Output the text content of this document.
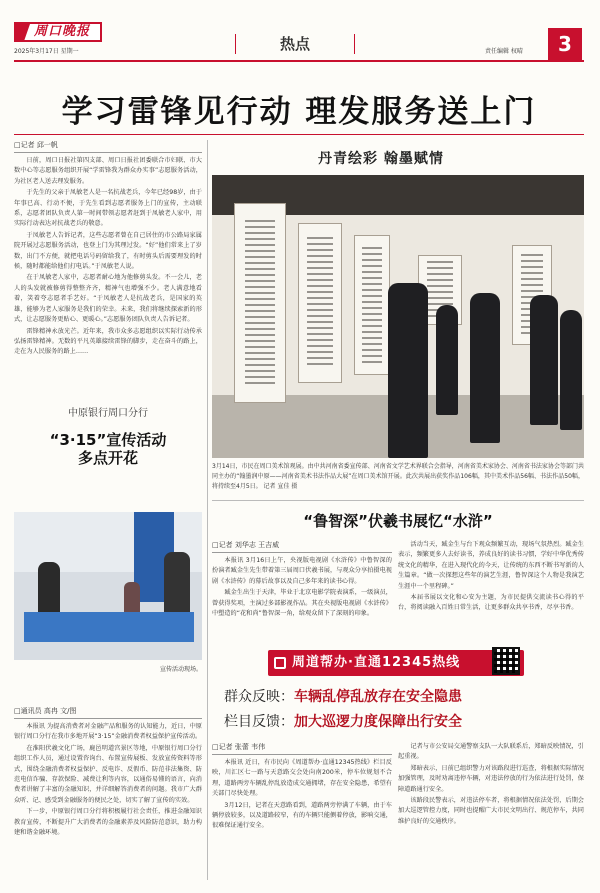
周口晚报
2025年3月17日 星期一	热点	责任编辑 权晴	3
学习雷锋见行动 理发服务送上门
□记者 邱一帆

日前，周口日报社第四支部、周口日报社团委联合市妇联、市大数中心等志愿服务组织开展“学雷锋我为群众办实事”志愿服务活动，为社区老人送去理发服务。

于先生的父亲于凤敏老人是一名抗战老兵，今年已经98岁，由于年事已高、行动不便，于先生看到志愿者服务上门的宣传，主动联系，志愿者团队负责人第一时间带领志愿者赶到于凤敏老人家中，用实际行动表达对抗战老兵的敬意。

于凤敏老人告诉记者，这些志愿者曾在自己居住的市公路局家属院开展过志愿服务活动，也登上门为其理过发。“好”他们常来上了岁数，出门不方便，就把电话号码留给我了，有时剪头后需要理发的时候，随时都能给他们打电话。”于凤敏老人说。

在于凤敏老人家中，志愿者耐心地为他修剪头发。不一会儿，老人的头发就被修剪得整整齐齐，精神气也增强不少。老人满意地看着，笑着夸志愿者手艺好。“于凤敏老人是抗战老兵，是国家的英雄，能够为老人家服务是我们的荣幸。未来，我们将继续探索新的形式，让志愿服务更贴心、更暖心。”志愿服务团队负责人告诉记者。

雷锋精神永放光芒。近年来，我市众多志愿组织以实际行动传承弘扬雷锋精神。无数的平凡英雄接续雷锋的脚步，走在奋斗的路上，走在为人民服务的路上……

中原银行周口分行
“3·15”宣传活动
多点开花
宣传活动现场。
□通讯员 高冉 文/图

本报讯 为提高消费者对金融产品和服务的认知能力，近日，中原银行周口分行在我市多地开展“3·15”金融消费者权益保护宣传活动。

在淮阳伏羲文化广场，鹿邑明道宫景区等地，中原银行周口分行组织工作人员，通过设置咨询台、布置宣传展板、发放宣传资料等形式，围绕金融消费者权益保护、反电诈、反假币、防范非法集资、防范电信诈骗、存款保险、减费让利等内容，以通俗易懂的语言，向消费者讲解了丰富的金融知识，并详细解答消费者的问题。我市广大群众听、记、感受到金融服务的便民之处，切实了解了宣传的实效。

下一步，中原银行周口分行将积极履行社会责任，推进金融知识教育宣传，不断提升广大消费者的金融素养及风险防范意识，助力构建和谐金融环境。

丹青绘彩 翰墨赋情
3月14日，市民在周口美术馆观展。由中共河南省委宣传部、河南省文学艺术界联合会指导，河南省美术家协会、河南省书法家协会等部门共同主办的“翰墨润中原——河南省美术书法作品大展”在周口美术馆开展。此次共展出获奖作品106幅，其中美术作品56幅、书法作品50幅，将持续至4月5日。 记者 宣佳 摄
“鲁智深”伏羲书展忆“水浒”
□记者 刘华志 王吉威

本报讯 3月16日上午，央视版电视剧《水浒传》中鲁智深的扮演者臧金生先生带着第三届周口伏羲书展，与观众分享拍摄电视剧《水浒传》的幕后故事以及自己多年来的读书心得。

臧金生出生于天津，毕业于北京电影学院表演系，一级演员，曾获得奖项，主演过多部影视作品。其在央视版电视剧《水浒传》中塑造的“花和尚”鲁智深一角，给观众留下了深刻的印象。

活动当天，臧金生与台下观众频繁互动，现场气氛热烈。臧金生表示，频繁更多人去好读书，养成良好的读书习惯，学好中华优秀传统文化的精华，在进入现代化的今天，让传统的东西不断书写新的人生篇章。“做一次探想这些年的演艺生涯，鲁智深这个人物是我演艺生涯中一个里程碑。”

本届书展以文化和心安为主题，为市民提供交流读书心得的平台，将阅读融入百姓日常生活，让更多群众共享书香，尽享书香。

周道帮办·直通12345热线
群众反映：车辆乱停乱放存在安全隐患
栏目反馈：加大巡逻力度保障出行安全
□记者 张蕾 韦伟

本报讯 近日，有市民向《周道帮办·直通12345热线》栏目反映，川汇区七一路与天意路交会处向南200米，停车位规划不合理，道路两旁车辆乱停乱放造成交通拥堵，存在安全隐患，希望有关部门尽快处理。

3月12日，记者在天意路看到，道路两旁停满了车辆，由于车辆停放较多，以及道路较窄，有的车辆只能侧着停放，影响交通，很难保证通行安全。

记者与市公安局交通警察支队一大队联系后，郑暗反映情况，引起重视。

郑暗表示，日前已组织警力对该路段进行巡查，将根据实际情况加强管理，及时劝离违停车辆，对违法停放的行为依法进行处罚，保障道路通行安全。

该路段民警表示，对违法停车者，将根据情况依法处罚，后期会加大巡逻管控力度，同时也提醒广大市民文明出行、规范停车，共同维护良好的交通秩序。
